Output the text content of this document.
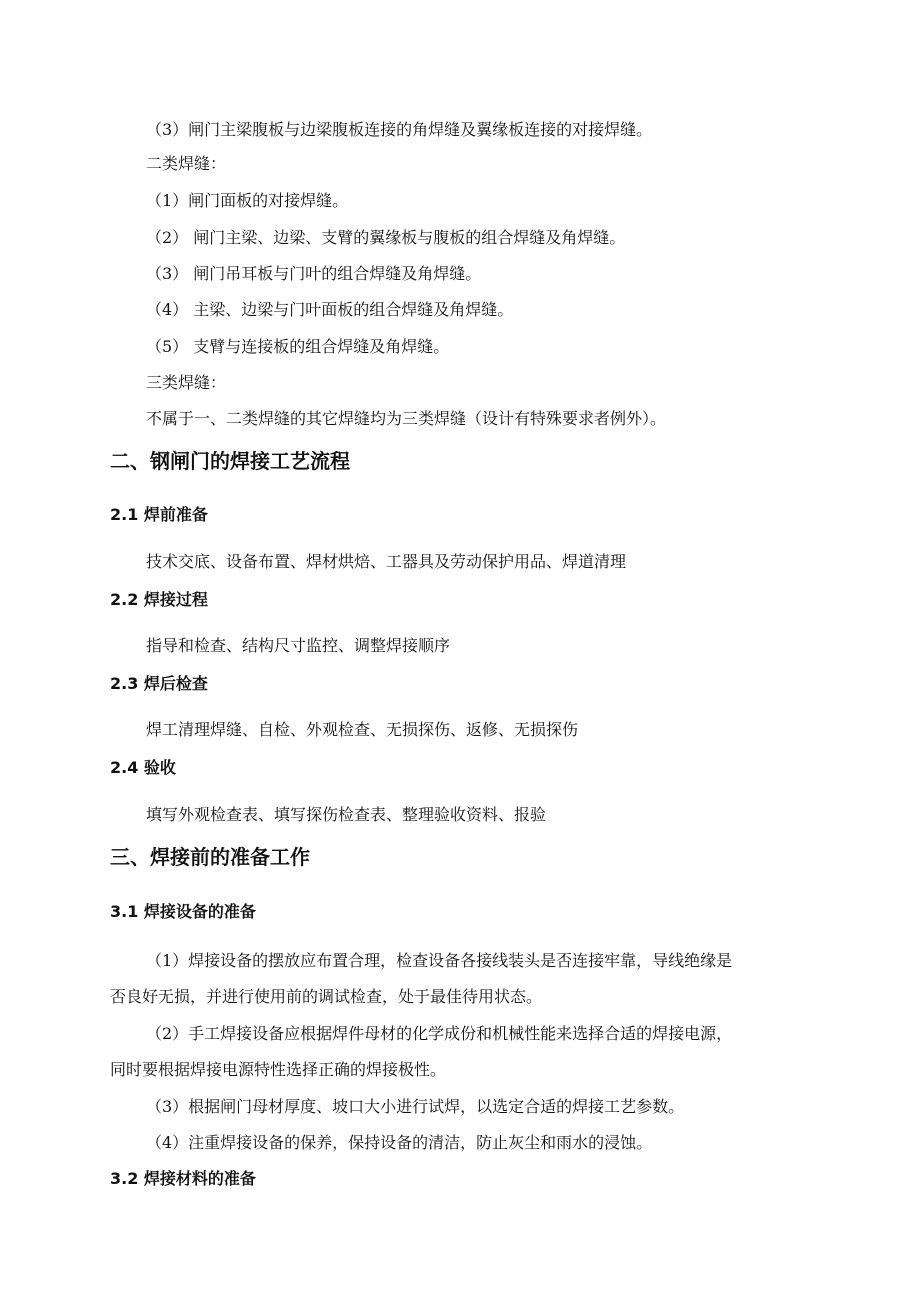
（3）闸门主梁腹板与边梁腹板连接的角焊缝及翼缘板连接的对接焊缝。
二类焊缝：
（1）闸门面板的对接焊缝。
（2） 闸门主梁、边梁、支臂的翼缘板与腹板的组合焊缝及角焊缝。
（3） 闸门吊耳板与门叶的组合焊缝及角焊缝。
（4） 主梁、边梁与门叶面板的组合焊缝及角焊缝。
（5） 支臂与连接板的组合焊缝及角焊缝。
三类焊缝：
不属于一、二类焊缝的其它焊缝均为三类焊缝（设计有特殊要求者例外）。
二、钢闸门的焊接工艺流程
2.1 焊前准备
技术交底、设备布置、焊材烘焙、工器具及劳动保护用品、焊道清理
2.2 焊接过程
指导和检查、结构尺寸监控、调整焊接顺序
2.3 焊后检查
焊工清理焊缝、自检、外观检查、无损探伤、返修、无损探伤
2.4 验收
填写外观检查表、填写探伤检查表、整理验收资料、报验
三、焊接前的准备工作
3.1 焊接设备的准备
（1）焊接设备的摆放应布置合理，检查设备各接线装头是否连接牢靠，导线绝缘是
否良好无损，并进行使用前的调试检查，处于最佳待用状态。
（2）手工焊接设备应根据焊件母材的化学成份和机械性能来选择合适的焊接电源，
同时要根据焊接电源特性选择正确的焊接极性。
（3）根据闸门母材厚度、坡口大小进行试焊，以选定合适的焊接工艺参数。
（4）注重焊接设备的保养，保持设备的清洁，防止灰尘和雨水的浸蚀。
3.2 焊接材料的准备
